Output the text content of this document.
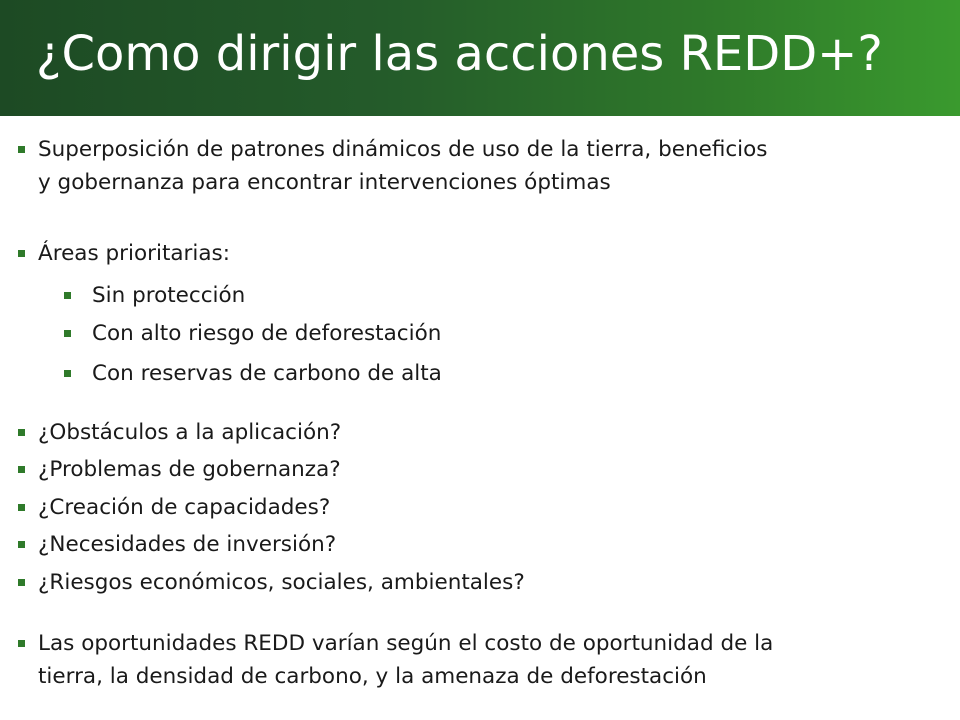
¿Como dirigir las acciones REDD+?
Superposición de patrones dinámicos de uso de la tierra, beneficios
y gobernanza para encontrar intervenciones óptimas
Áreas prioritarias:
Sin protección
Con alto riesgo de deforestación
Con reservas de carbono de alta
¿Obstáculos a la aplicación?
¿Problemas de gobernanza?
¿Creación de capacidades?
¿Necesidades de inversión?
¿Riesgos económicos, sociales, ambientales?
Las oportunidades REDD varían según el costo de oportunidad de la
tierra, la densidad de carbono, y la amenaza de deforestación
